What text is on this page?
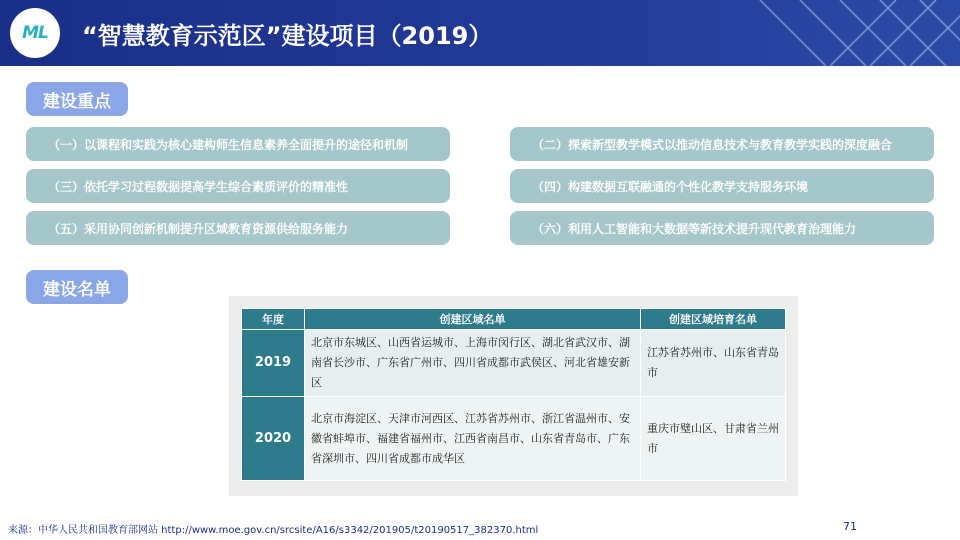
ML “智慧教育示范区”建设项目（2019）
建设重点
（一）以课程和实践为核心建构师生信息素养全面提升的途径和机制	（二）探索新型教学模式以推动信息技术与教育教学实践的深度融合
（三）依托学习过程数据提高学生综合素质评价的精准性	（四）构建数据互联融通的个性化教学支持服务环境
（五）采用协同创新机制提升区域教育资源供给服务能力	（六）利用人工智能和大数据等新技术提升现代教育治理能力
建设名单
年度	创建区域名单	创建区域培育名单
2019	北京市东城区、山西省运城市、上海市闵行区、湖北省武汉市、湖南省长沙市、广东省广州市、四川省成都市武侯区、河北省雄安新区	江苏省苏州市、山东省青岛市
2020	北京市海淀区、天津市河西区、江苏省苏州市、浙江省温州市、安徽省蚌埠市、福建省福州市、江西省南昌市、山东省青岛市、广东省深圳市、四川省成都市成华区	重庆市璧山区、甘肃省兰州市
来源：中华人民共和国教育部网站 http://www.moe.gov.cn/srcsite/A16/s3342/201905/t20190517_382370.html	71
